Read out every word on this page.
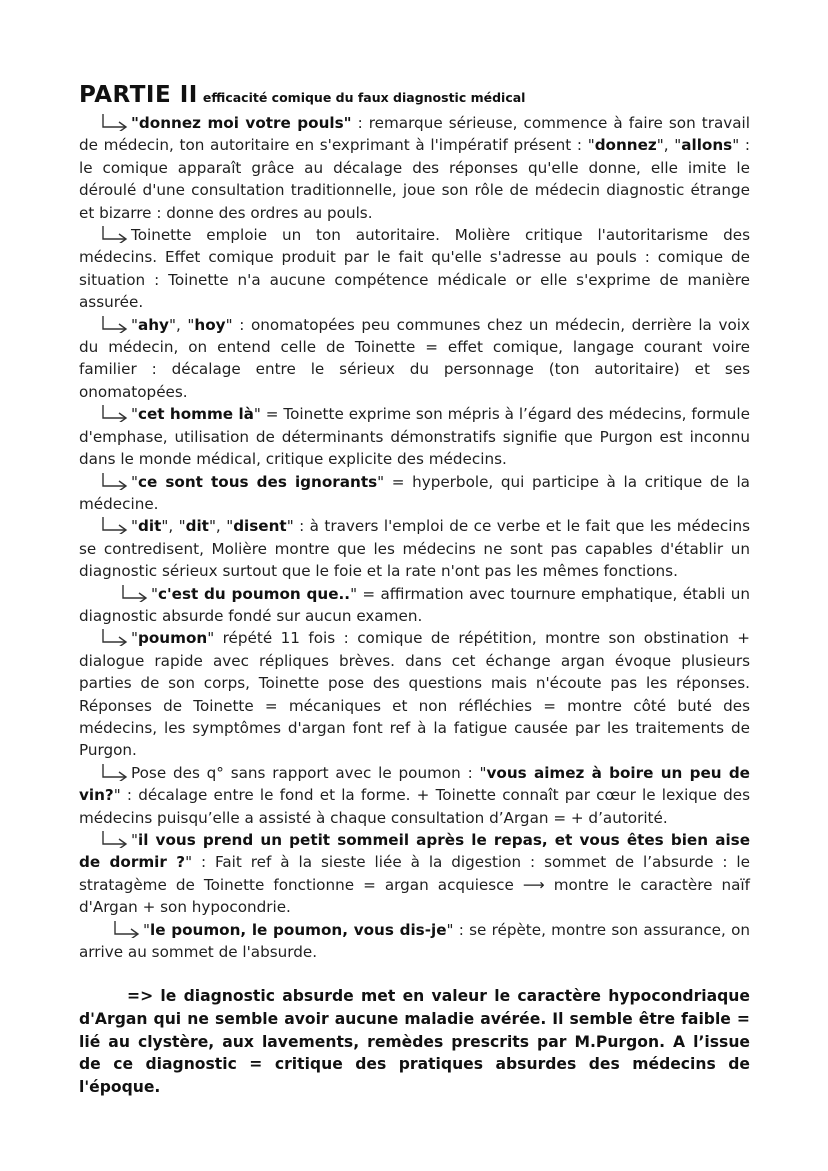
PARTIE II efficacité comique du faux diagnostic médical

"donnez moi votre pouls" : remarque sérieuse, commence à faire son travail de médecin, ton autoritaire en s'exprimant à l'impératif présent : "donnez", "allons" : le comique apparaît grâce au décalage des réponses qu'elle donne, elle imite le déroulé d'une consultation traditionnelle, joue son rôle de médecin diagnostic étrange et bizarre : donne des ordres au pouls.

Toinette emploie un ton autoritaire. Molière critique l'autoritarisme des médecins. Effet comique produit par le fait qu'elle s'adresse au pouls : comique de situation : Toinette n'a aucune compétence médicale or elle s'exprime de manière assurée.

"ahy", "hoy" : onomatopées peu communes chez un médecin, derrière la voix du médecin, on entend celle de Toinette = effet comique, langage courant voire familier : décalage entre le sérieux du personnage (ton autoritaire) et ses onomatopées.

"cet homme là" = Toinette exprime son mépris à l’égard des médecins, formule d'emphase, utilisation de déterminants démonstratifs signifie que Purgon est inconnu dans le monde médical, critique explicite des médecins.

"ce sont tous des ignorants" = hyperbole, qui participe à la critique de la médecine.

"dit", "dit", "disent" : à travers l'emploi de ce verbe et le fait que les médecins se contredisent, Molière montre que les médecins ne sont pas capables d'établir un diagnostic sérieux surtout que le foie et la rate n'ont pas les mêmes fonctions.

"c'est du poumon que.." = affirmation avec tournure emphatique, établi un diagnostic absurde fondé sur aucun examen.

"poumon" répété 11 fois : comique de répétition, montre son obstination + dialogue rapide avec répliques brèves. dans cet échange argan évoque plusieurs parties de son corps, Toinette pose des questions mais n'écoute pas les réponses. Réponses de Toinette = mécaniques et non réfléchies = montre côté buté des médecins, les symptômes d'argan font ref à la fatigue causée par les traitements de Purgon.

Pose des q° sans rapport avec le poumon : "vous aimez à boire un peu de vin?" : décalage entre le fond et la forme. + Toinette connaît par cœur le lexique des médecins puisqu’elle a assisté à chaque consultation d’Argan = + d’autorité.

"il vous prend un petit sommeil après le repas, et vous êtes bien aise de dormir ?" : Fait ref à la sieste liée à la digestion : sommet de l’absurde : le stratagème de Toinette fonctionne = argan acquiesce ⟶ montre le caractère naïf d'Argan + son hypocondrie.

"le poumon, le poumon, vous dis-je" : se répète, montre son assurance, on arrive au sommet de l'absurde.

=> le diagnostic absurde met en valeur le caractère hypocondriaque d'Argan qui ne semble avoir aucune maladie avérée. Il semble être faible = lié au clystère, aux lavements, remèdes prescrits par M.Purgon. A l’issue de ce diagnostic = critique des pratiques absurdes des médecins de l'époque.
